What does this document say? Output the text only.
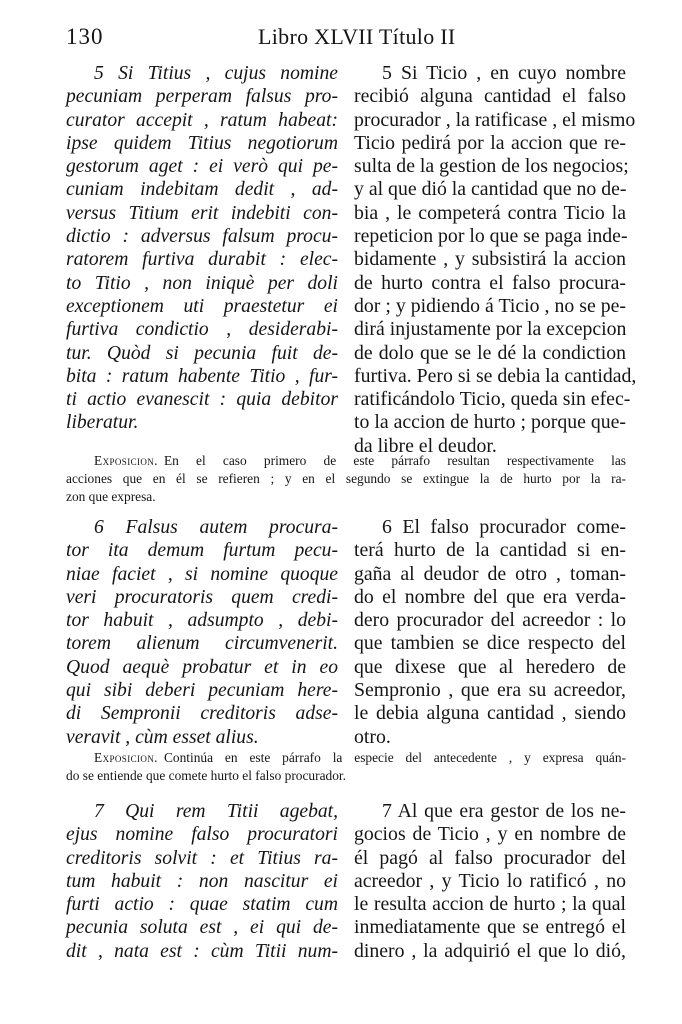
130	Libro XLVII Título II
5 Si Titius , cujus nomine
pecuniam perperam falsus pro-
curator accepit , ratum habeat:
ipse quidem Titius negotiorum
gestorum aget : ei verò qui pe-
cuniam indebitam dedit , ad-
versus Titium erit indebiti con-
dictio : adversus falsum procu-
ratorem furtiva durabit : elec-
to Titio , non iniquè per doli
exceptionem uti praestetur ei
furtiva condictio , desiderabi-
tur. Quòd si pecunia fuit de-
bita : ratum habente Titio , fur-
ti actio evanescit : quia debitor
liberatur.
5 Si Ticio , en cuyo nombre
recibió alguna cantidad el falso
procurador , la ratificase , el mismo
Ticio pedirá por la accion que re-
sulta de la gestion de los negocios;
y al que dió la cantidad que no de-
bia , le competerá contra Ticio la
repeticion por lo que se paga inde-
bidamente , y subsistirá la accion
de hurto contra el falso procura-
dor ; y pidiendo á Ticio , no se pe-
dirá injustamente por la excepcion
de dolo que se le dé la condiction
furtiva. Pero si se debia la cantidad,
ratificándolo Ticio, queda sin efec-
to la accion de hurto ; porque que-
da libre el deudor.
Exposicion. En el caso primero de este párrafo resultan respectivamente las
acciones que en él se refieren ; y en el segundo se extingue la de hurto por la ra-
zon que expresa.
6 Falsus autem procura-
tor ita demum furtum pecu-
niae faciet , si nomine quoque
veri procuratoris quem credi-
tor habuit , adsumpto , debi-
torem alienum circumvenerit.
Quod aequè probatur et in eo
qui sibi deberi pecuniam here-
di Sempronii creditoris adse-
veravit , cùm esset alius.
6 El falso procurador come-
terá hurto de la cantidad si en-
gaña al deudor de otro , toman-
do el nombre del que era verda-
dero procurador del acreedor : lo
que tambien se dice respecto del
que dixese que al heredero de
Sempronio , que era su acreedor,
le debia alguna cantidad , siendo
otro.
Exposicion. Continúa en este párrafo la especie del antecedente , y expresa quán-
do se entiende que comete hurto el falso procurador.
7 Qui rem Titii agebat,
ejus nomine falso procuratori
creditoris solvit : et Titius ra-
tum habuit : non nascitur ei
furti actio : quae statim cum
pecunia soluta est , ei qui de-
dit , nata est : cùm Titii num-
7 Al que era gestor de los ne-
gocios de Ticio , y en nombre de
él pagó al falso procurador del
acreedor , y Ticio lo ratificó , no
le resulta accion de hurto ; la qual
inmediatamente que se entregó el
dinero , la adquirió el que lo dió,
